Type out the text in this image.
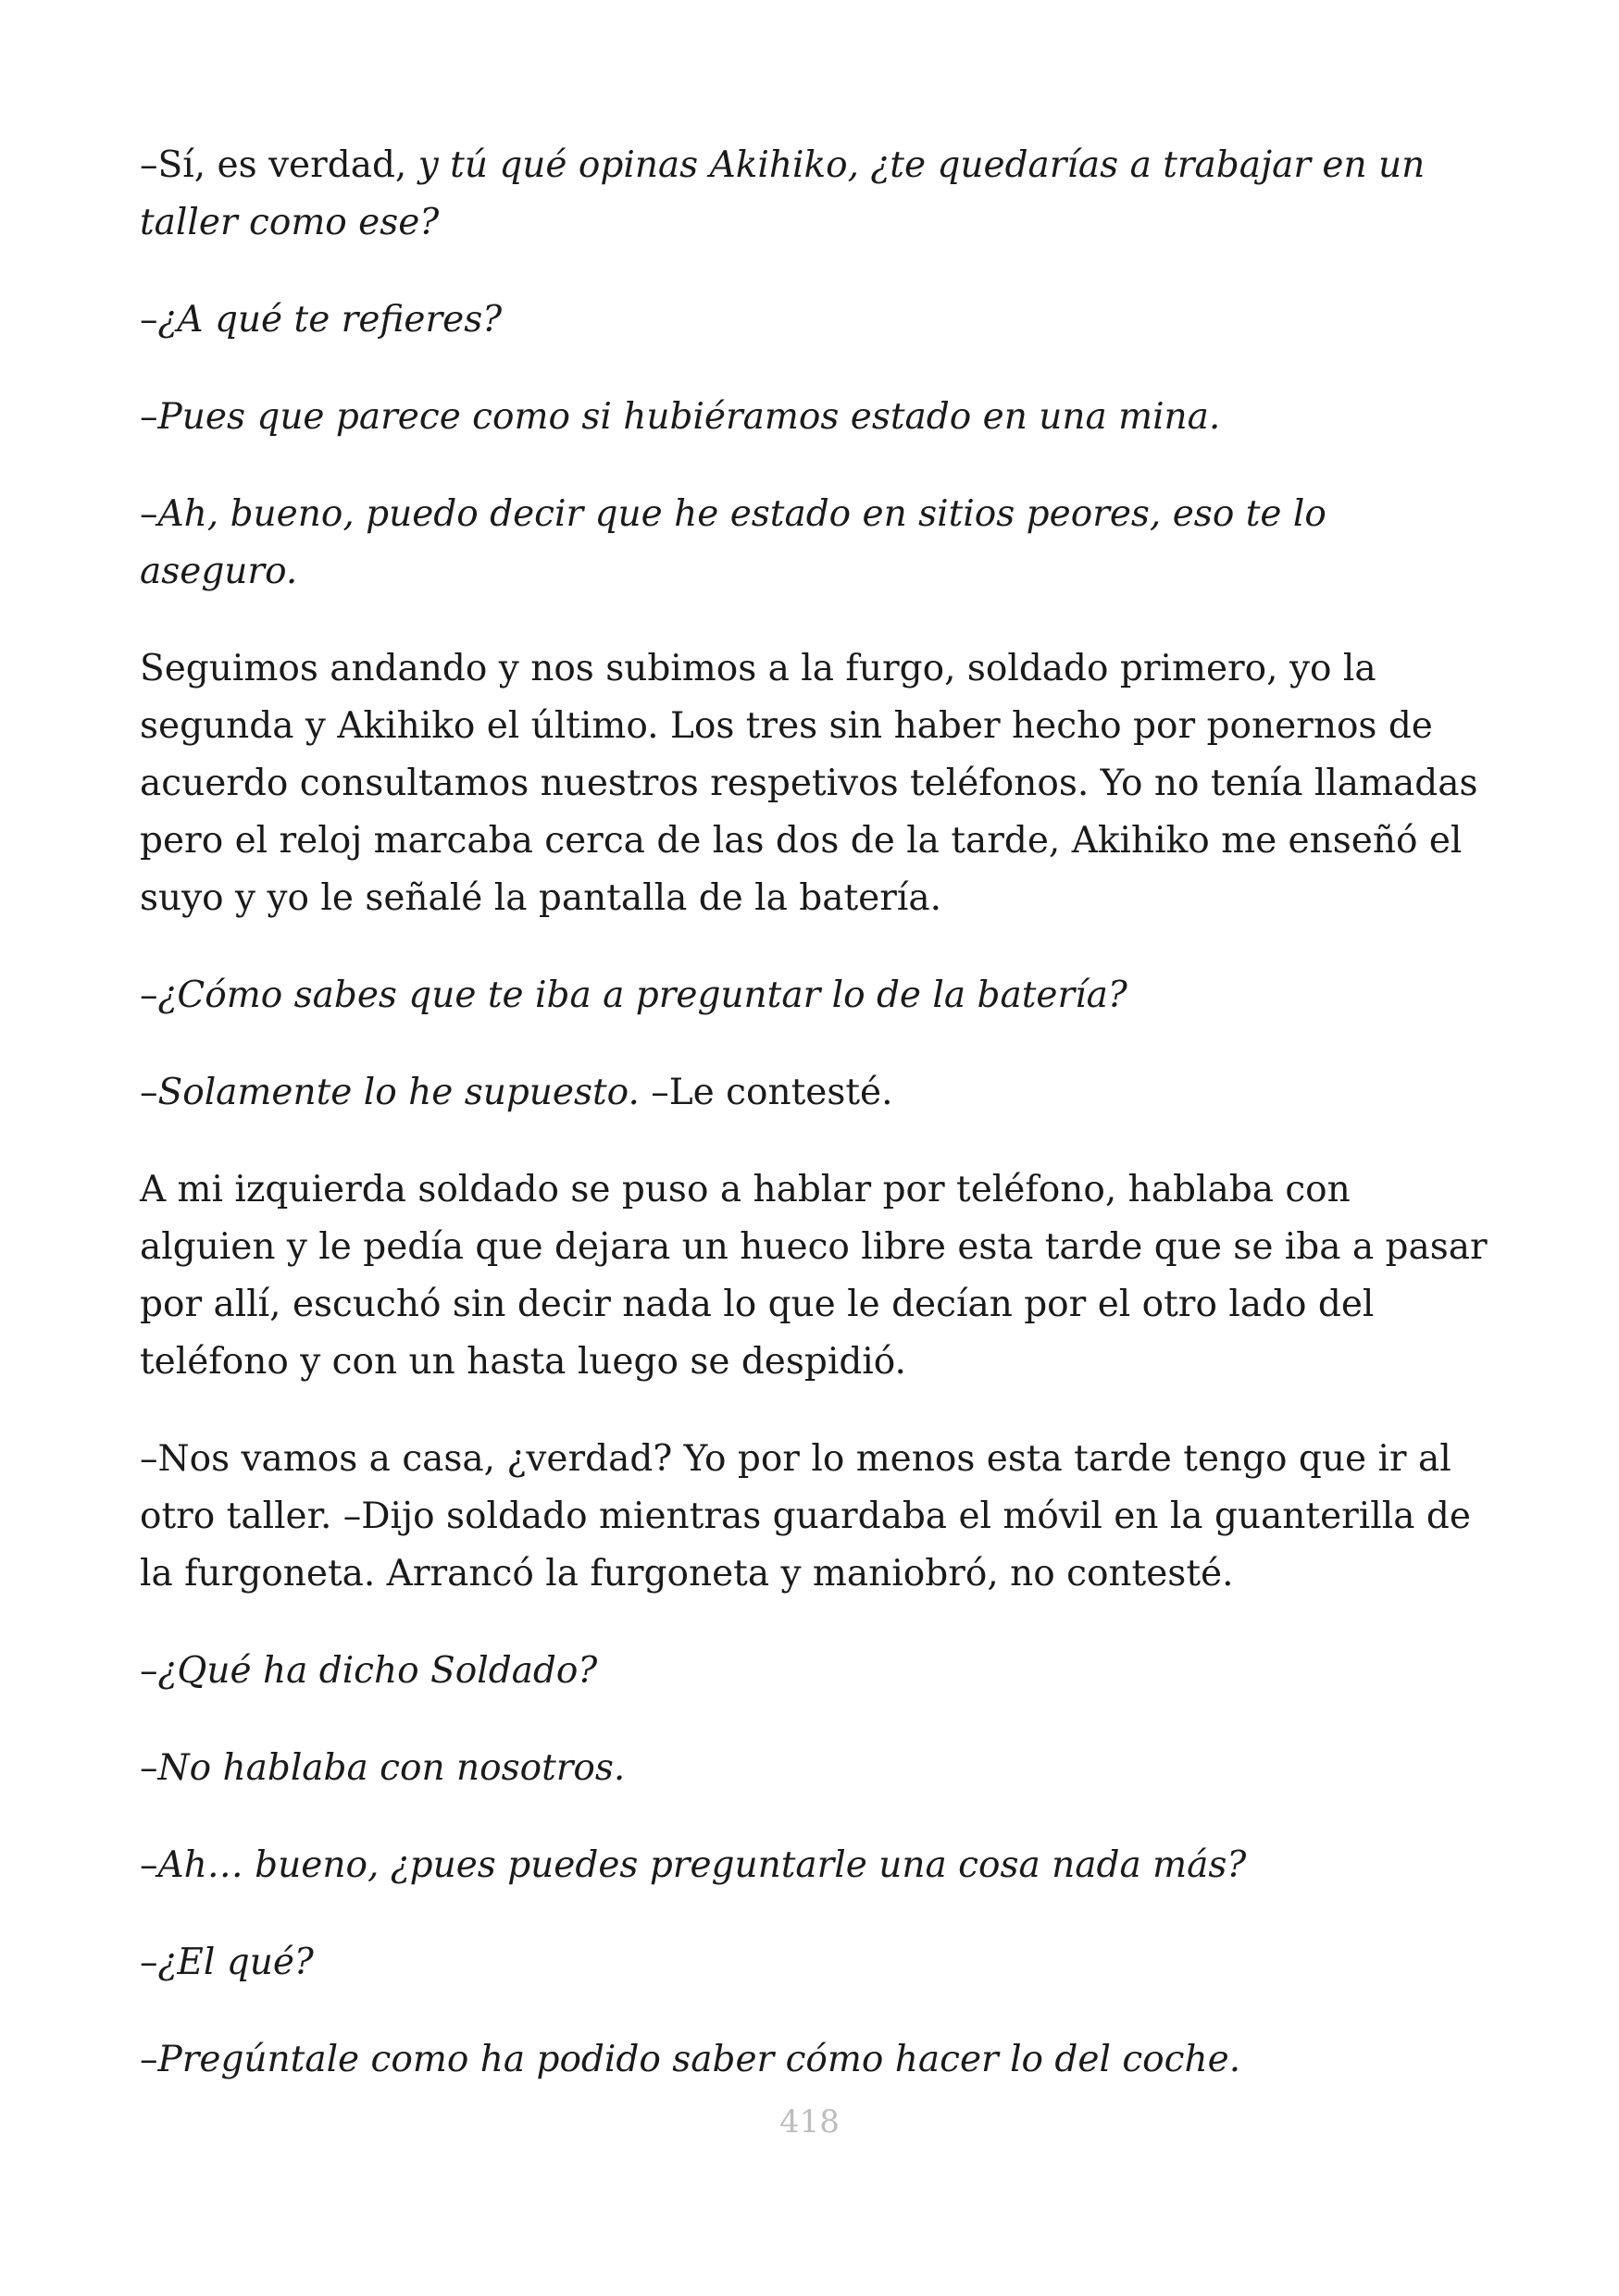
–Sí, es verdad, y tú qué opinas Akihiko, ¿te quedarías a trabajar en un taller como ese?

–¿A qué te refieres?

–Pues que parece como si hubiéramos estado en una mina.

–Ah, bueno, puedo decir que he estado en sitios peores, eso te lo aseguro.

Seguimos andando y nos subimos a la furgo, soldado primero, yo la segunda y Akihiko el último. Los tres sin haber hecho por ponernos de acuerdo consultamos nuestros respetivos teléfonos. Yo no tenía llamadas pero el reloj marcaba cerca de las dos de la tarde, Akihiko me enseñó el suyo y yo le señalé la pantalla de la batería.

–¿Cómo sabes que te iba a preguntar lo de la batería?

–Solamente lo he supuesto. –Le contesté.

A mi izquierda soldado se puso a hablar por teléfono, hablaba con alguien y le pedía que dejara un hueco libre esta tarde que se iba a pasar por allí, escuchó sin decir nada lo que le decían por el otro lado del teléfono y con un hasta luego se despidió.

–Nos vamos a casa, ¿verdad? Yo por lo menos esta tarde tengo que ir al otro taller. –Dijo soldado mientras guardaba el móvil en la guanterilla de la furgoneta. Arrancó la furgoneta y maniobró, no contesté.

–¿Qué ha dicho Soldado?

–No hablaba con nosotros.

–Ah… bueno, ¿pues puedes preguntarle una cosa nada más?

–¿El qué?

–Pregúntale como ha podido saber cómo hacer lo del coche.

418
